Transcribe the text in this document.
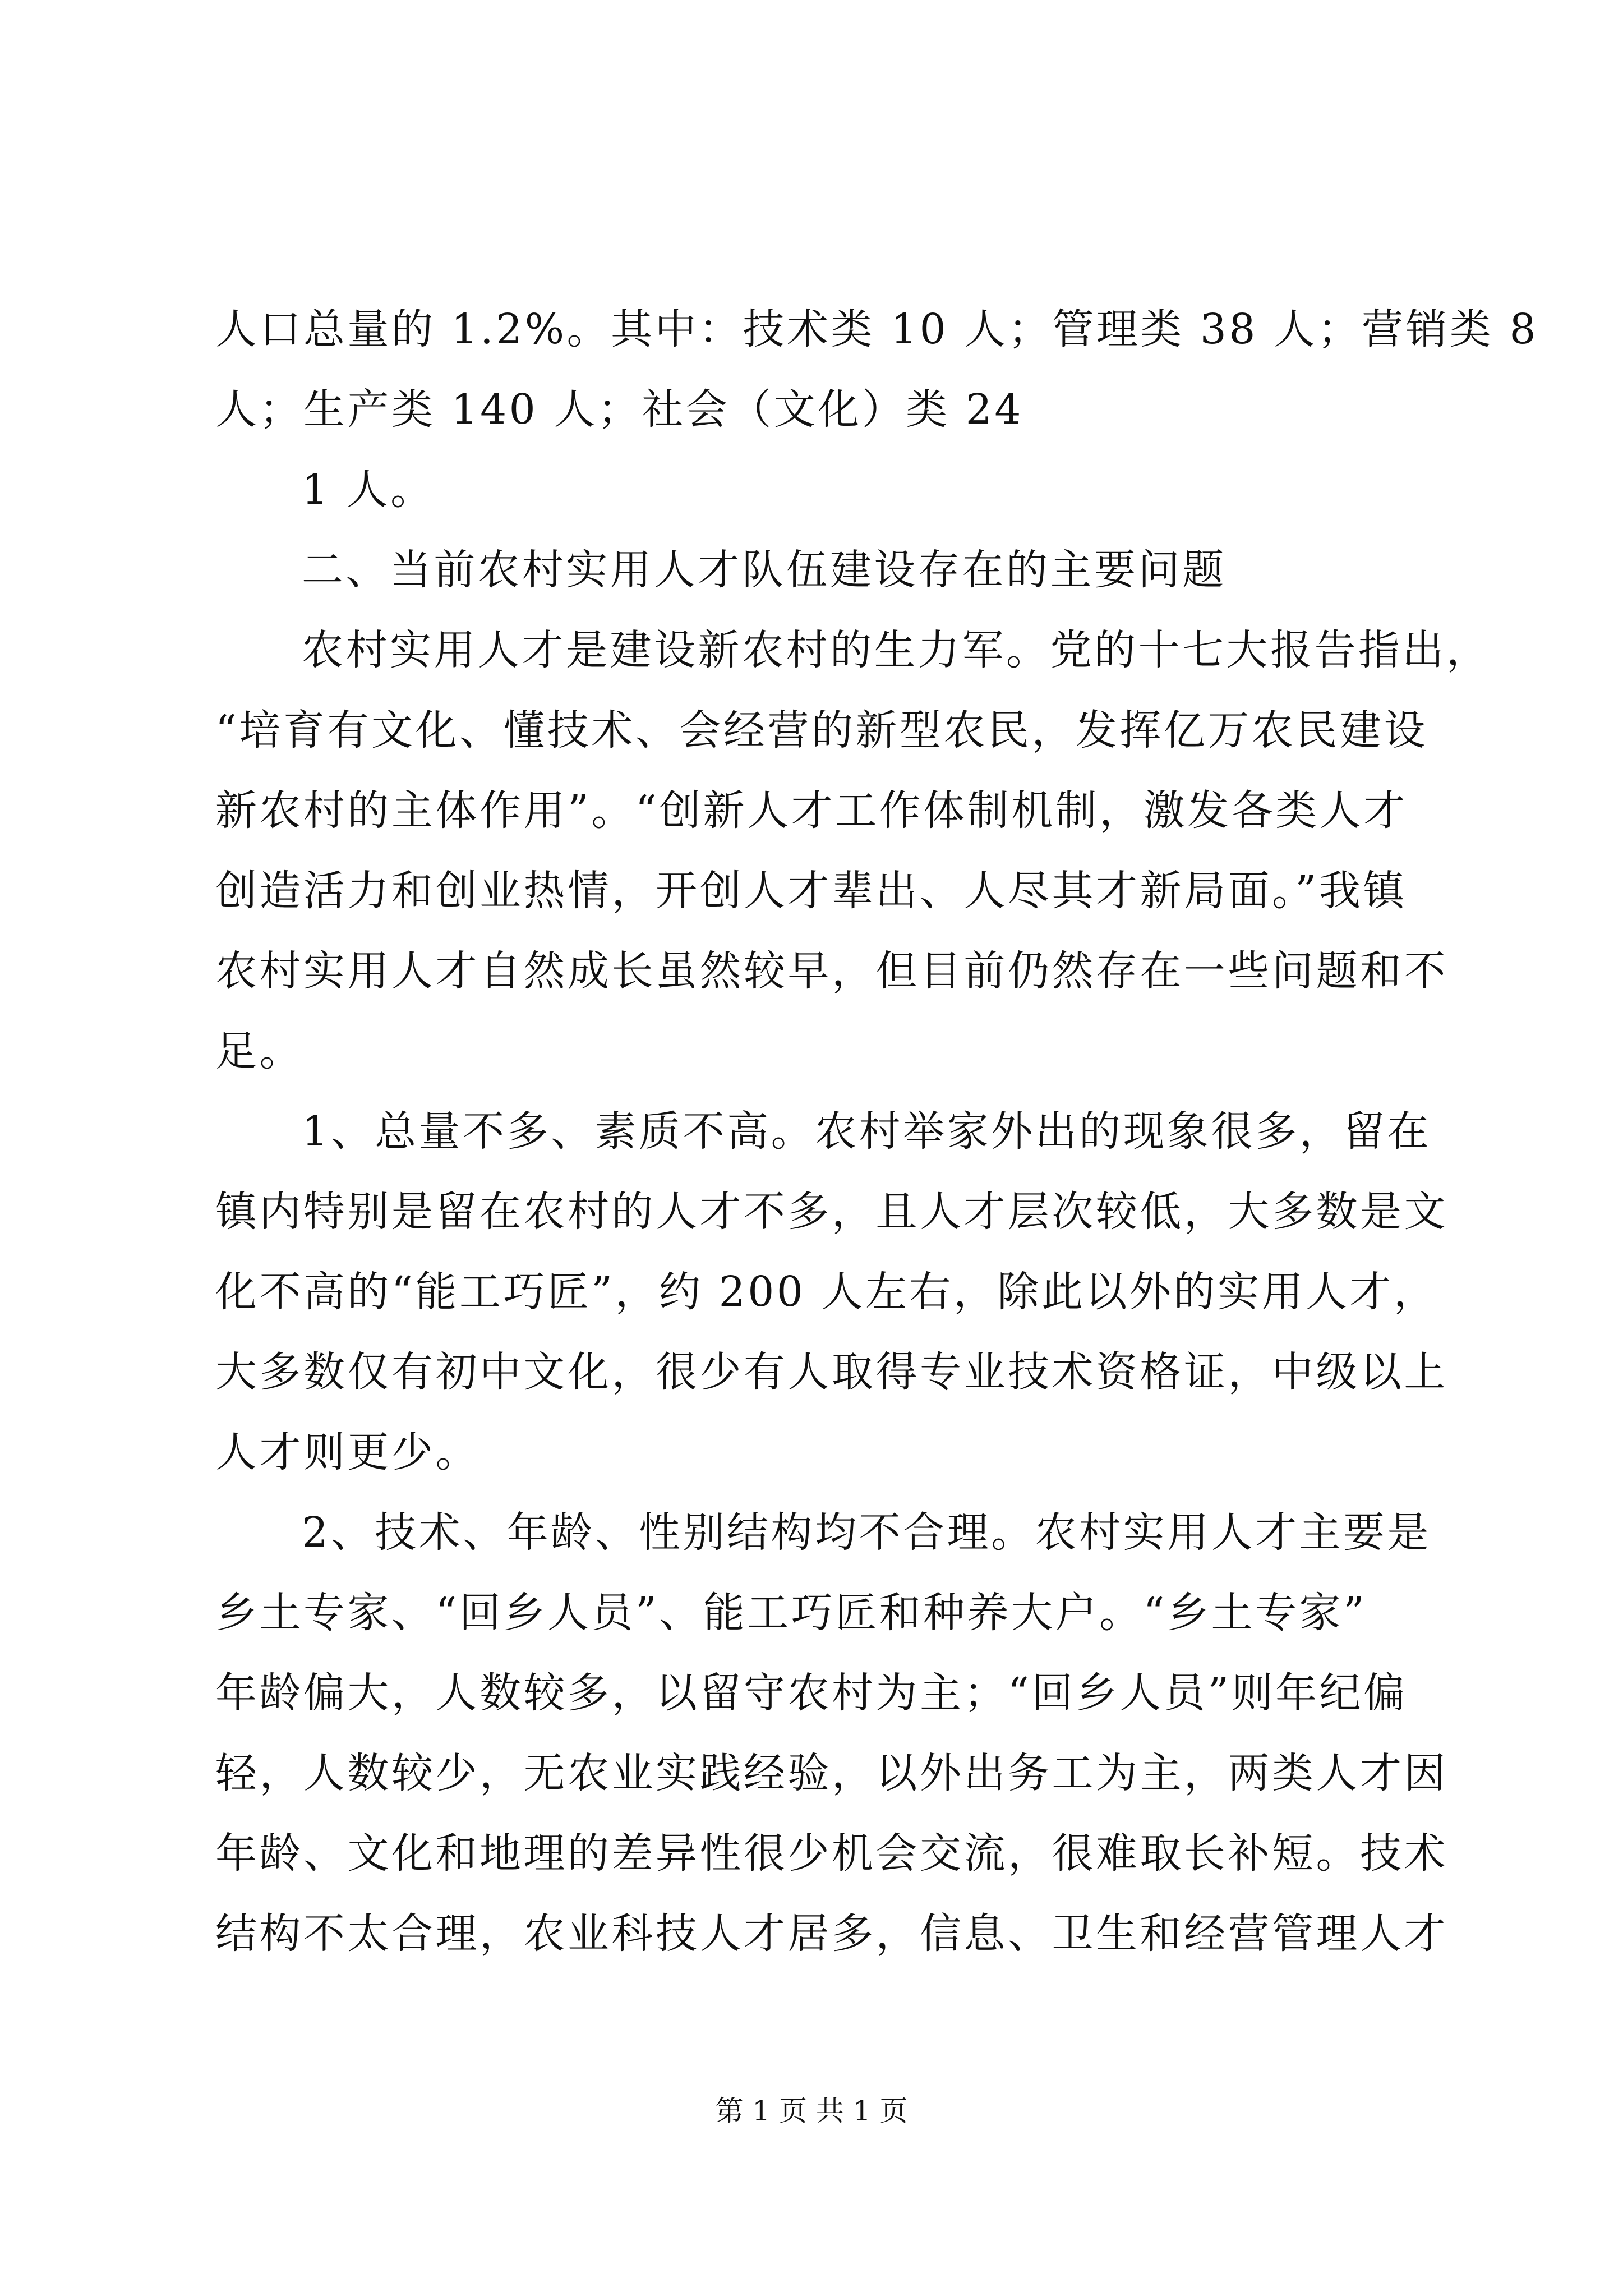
人口总量的 1.2%。其中：技术类 10 人；管理类 38 人；营销类 8
人；生产类 140 人；社会（文化）类 24
1 人。
二、当前农村实用人才队伍建设存在的主要问题
农村实用人才是建设新农村的生力军。党的十七大报告指出，
“培育有文化、懂技术、会经营的新型农民，发挥亿万农民建设
新农村的主体作用”。“创新人才工作体制机制，激发各类人才
创造活力和创业热情，开创人才辈出、人尽其才新局面。”我镇
农村实用人才自然成长虽然较早，但目前仍然存在一些问题和不
足。
1、总量不多、素质不高。农村举家外出的现象很多，留在
镇内特别是留在农村的人才不多，且人才层次较低，大多数是文
化不高的“能工巧匠”，约 200 人左右，除此以外的实用人才，
大多数仅有初中文化，很少有人取得专业技术资格证，中级以上
人才则更少。
2、技术、年龄、性别结构均不合理。农村实用人才主要是
乡土专家、“回乡人员”、能工巧匠和种养大户。“乡土专家”
年龄偏大，人数较多，以留守农村为主；“回乡人员”则年纪偏
轻，人数较少，无农业实践经验，以外出务工为主，两类人才因
年龄、文化和地理的差异性很少机会交流，很难取长补短。技术
结构不太合理，农业科技人才居多，信息、卫生和经营管理人才
第 1 页 共 1 页
